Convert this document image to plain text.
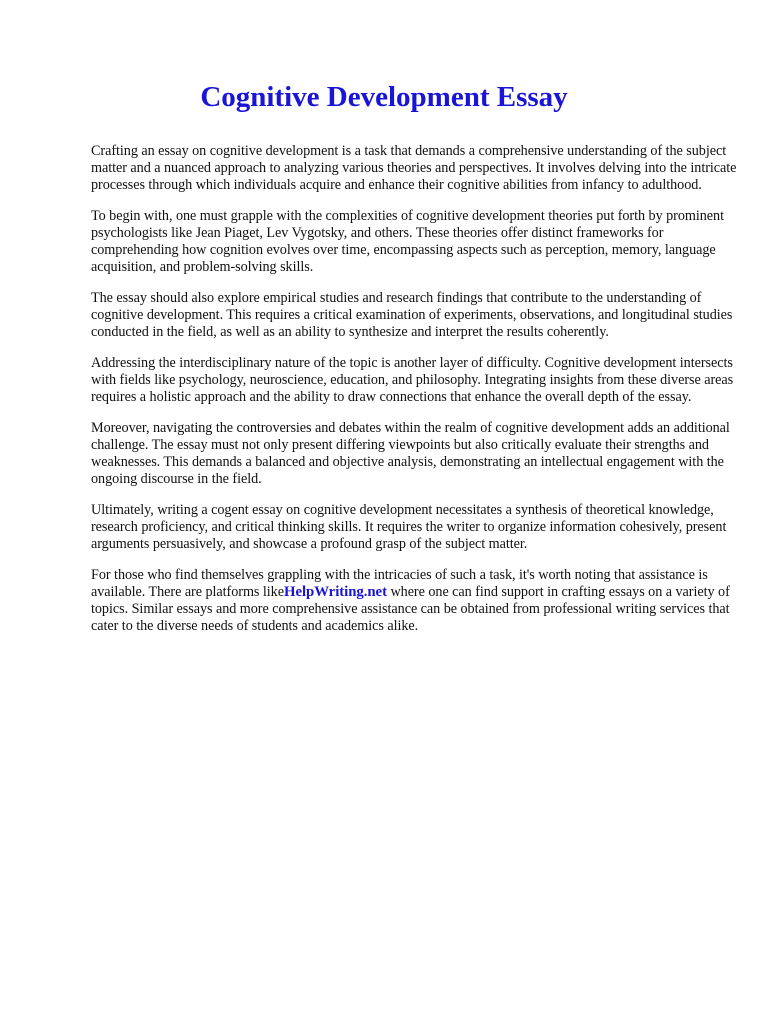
Cognitive Development Essay

Crafting an essay on cognitive development is a task that demands a comprehensive understanding of the subject matter and a nuanced approach to analyzing various theories and perspectives. It involves delving into the intricate processes through which individuals acquire and enhance their cognitive abilities from infancy to adulthood.

To begin with, one must grapple with the complexities of cognitive development theories put forth by prominent psychologists like Jean Piaget, Lev Vygotsky, and others. These theories offer distinct frameworks for comprehending how cognition evolves over time, encompassing aspects such as perception, memory, language acquisition, and problem-solving skills.

The essay should also explore empirical studies and research findings that contribute to the understanding of cognitive development. This requires a critical examination of experiments, observations, and longitudinal studies conducted in the field, as well as an ability to synthesize and interpret the results coherently.

Addressing the interdisciplinary nature of the topic is another layer of difficulty. Cognitive development intersects with fields like psychology, neuroscience, education, and philosophy. Integrating insights from these diverse areas requires a holistic approach and the ability to draw connections that enhance the overall depth of the essay.

Moreover, navigating the controversies and debates within the realm of cognitive development adds an additional challenge. The essay must not only present differing viewpoints but also critically evaluate their strengths and weaknesses. This demands a balanced and objective analysis, demonstrating an intellectual engagement with the ongoing discourse in the field.

Ultimately, writing a cogent essay on cognitive development necessitates a synthesis of theoretical knowledge, research proficiency, and critical thinking skills. It requires the writer to organize information cohesively, present arguments persuasively, and showcase a profound grasp of the subject matter.

For those who find themselves grappling with the intricacies of such a task, it's worth noting that assistance is available. There are platforms likeHelpWriting.net where one can find support in crafting essays on a variety of topics. Similar essays and more comprehensive assistance can be obtained from professional writing services that cater to the diverse needs of students and academics alike.
